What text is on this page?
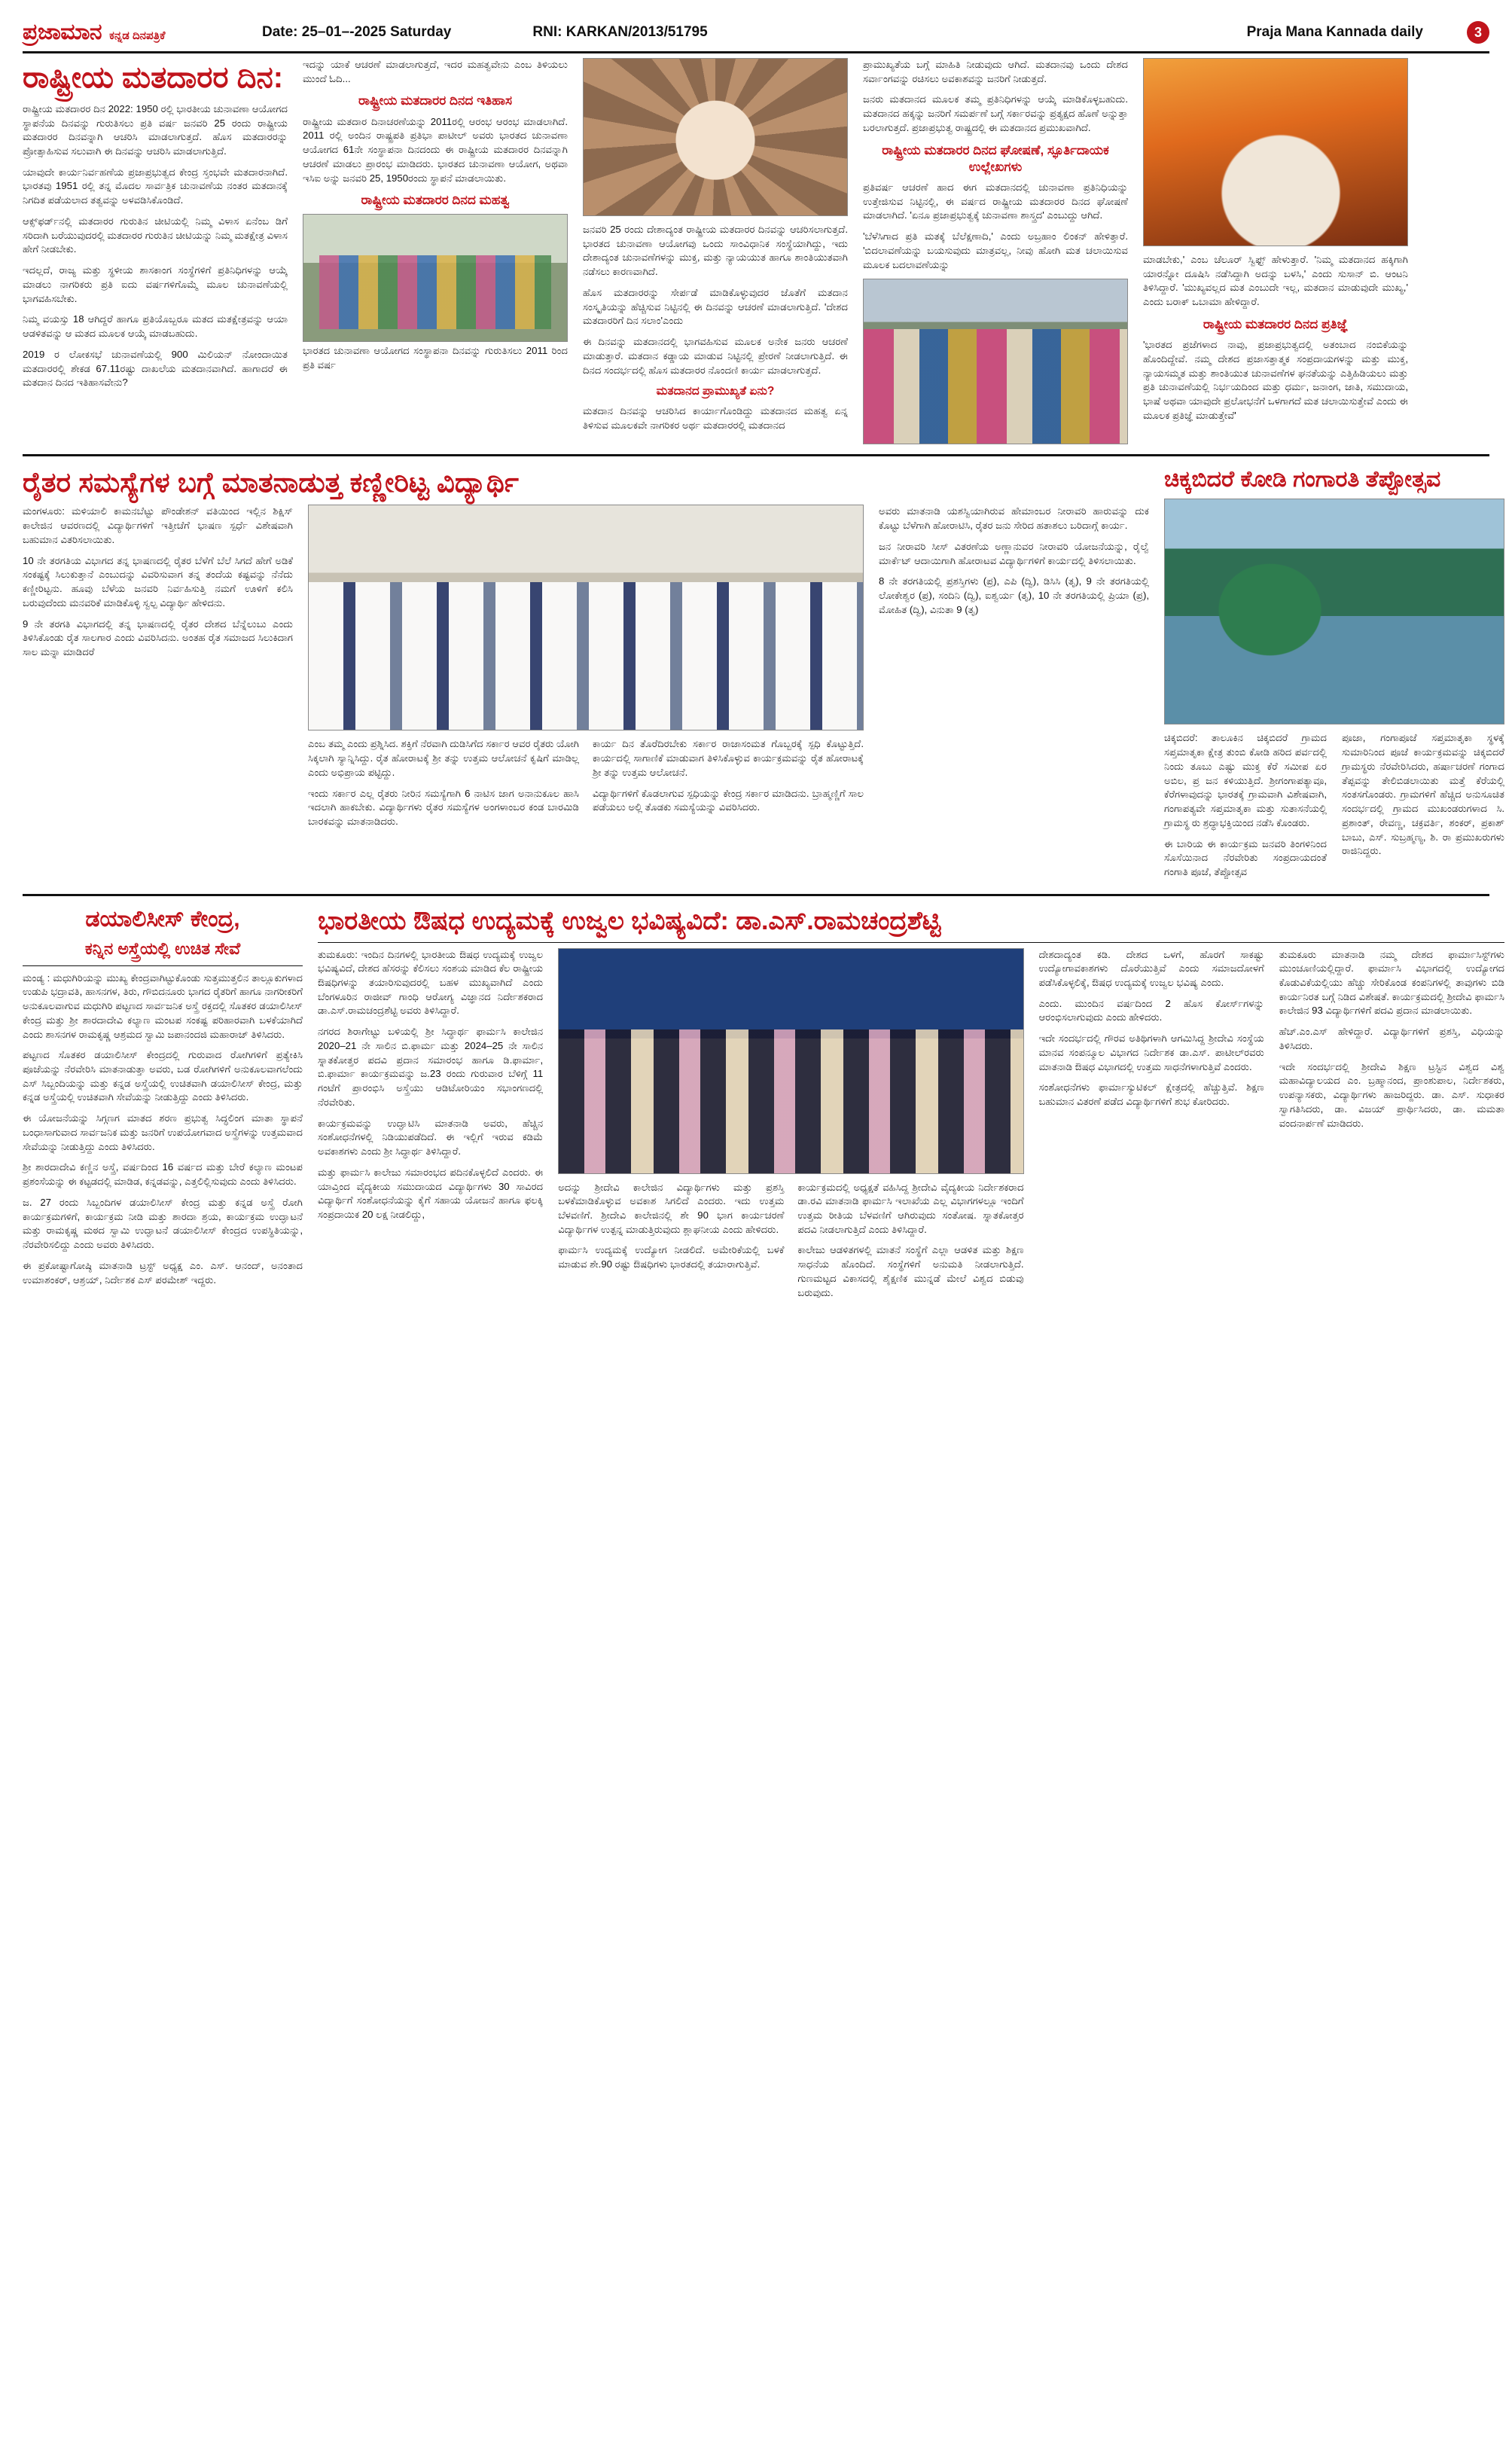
ಪ್ರಜಾಮಾನ ಕನ್ನಡ ದಿನಪತ್ರಿಕೆ	Date: 25–01–-2025 Saturday	RNI: KARKAN/2013/51795	Praja Mana Kannada daily	3
ರಾಷ್ಟ್ರೀಯ ಮತದಾರರ ದಿನ:

ರಾಷ್ಟ್ರೀಯ ಮತದಾರರ ದಿನ 2022: 1950 ರಲ್ಲಿ ಭಾರತೀಯ ಚುನಾವಣಾ ಆಯೋಗದ ಸ್ಥಾಪನೆಯ ದಿನವನ್ನು ಗುರುತಿಸಲು ಪ್ರತಿ ವರ್ಷ ಜನವರಿ 25 ರಂದು ರಾಷ್ಟ್ರೀಯ ಮತದಾರರ ದಿನವನ್ನಾಗಿ ಆಚರಿಸಿ ಮಾಡಲಾಗುತ್ತದೆ. ಹೊಸ ಮತದಾರರನ್ನು ಪ್ರೋತ್ಸಾಹಿಸುವ ಸಲುವಾಗಿ ಈ ದಿನವನ್ನು ಆಚರಿಸಿ ಮಾಡಲಾಗುತ್ತಿದೆ.

ಯಾವುದೇ ಕಾರ್ಯನಿರ್ವಹಣೆಯ ಪ್ರಜಾಪ್ರಭುತ್ವದ ಕೇಂದ್ರ ಸ್ತಂಭವೇ ಮತದಾರನಾಗಿದೆ. ಭಾರತವು 1951 ರಲ್ಲಿ ತನ್ನ ಮೊದಲ ಸಾರ್ವತ್ರಿಕ ಚುನಾವಣೆಯ ನಂತರ ಮತದಾನಕ್ಕೆ ನಿಗದಿತ ಪಡೆಯಲಾದ ತತ್ವವನ್ನು ಅಳವಡಿಸಿಕೊಂಡಿದೆ.

ಆಕ್ಸ್‌ಫರ್ಡ್‌ನಲ್ಲಿ ಮತದಾರರ ಗುರುತಿನ ಚೀಟಿಯಲ್ಲಿ ನಿಮ್ಮ ವಿಳಾಸ ಏನೆಂಬ ಡಿಗೆ ಸರಿದಾಗಿ ಬರೆಯುವುದರಲ್ಲಿ ಮತದಾರರ ಗುರುತಿನ ಚೀಟಿಯನ್ನು ನಿಮ್ಮ ಮತಕ್ಷೇತ್ರ ವಿಳಾಸ ಹೇಗೆ ನೀಡಬೇಕು.

ಇದಲ್ಲದೆ, ರಾಜ್ಯ ಮತ್ತು ಸ್ಥಳೀಯ ಶಾಸಕಾಂಗ ಸಂಸ್ಥೆಗಳಿಗೆ ಪ್ರತಿನಿಧಿಗಳನ್ನು ಆಯ್ಕೆ ಮಾಡಲು ನಾಗರಿಕರು ಪ್ರತಿ ಐದು ವರ್ಷಗಳಿಗೊಮ್ಮೆ ಮೂಲ ಚುನಾವಣೆಯಲ್ಲಿ ಭಾಗವಹಿಸಬೇಕು.

ನಿಮ್ಮ ವಯಸ್ಸು 18 ಆಗಿದ್ದರೆ ಹಾಗೂ ಪ್ರತಿಯೊಬ್ಬರೂ ಮತದ ಮತಕ್ಷೇತ್ರವನ್ನು ಆಯಾ ಆಡಳಿತವನ್ನು ಆ ಮತದ ಮೂಲಕ ಆಯ್ಕೆ ಮಾಡಬಹುದು.

2019 ರ ಲೋಕಸಭೆ ಚುನಾವಣೆಯಲ್ಲಿ 900 ಮಿಲಿಯನ್ ನೋಂದಾಯಿತ ಮತದಾರರಲ್ಲಿ ಶೇಕಡ 67.11ರಷ್ಟು ದಾಖಲೆಯ ಮತದಾನವಾಗಿದೆ. ಹಾಗಾದರೆ ಈ ಮತದಾನ ದಿನದ ಇತಿಹಾಸವೇನು?

ಇದನ್ನು ಯಾಕೆ ಆಚರಣೆ ಮಾಡಲಾಗುತ್ತದೆ, ಇದರ ಮಹತ್ವವೇನು ಎಂಬ ತಿಳಿಯಲು ಮುಂದೆ ಓದಿ...

ರಾಷ್ಟ್ರೀಯ ಮತದಾರರ ದಿನದ ಇತಿಹಾಸ

ರಾಷ್ಟ್ರೀಯ ಮತದಾರ ದಿನಾಚರಣೆಯನ್ನು 2011ರಲ್ಲಿ ಆರಂಭ ಆರಂಭ ಮಾಡಲಾಗಿದೆ. 2011 ರಲ್ಲಿ ಅಂದಿನ ರಾಷ್ಟ್ರಪತಿ ಪ್ರತಿಭಾ ಪಾಟೀಲ್ ಅವರು ಭಾರತದ ಚುನಾವಣಾ ಆಯೋಗದ 61ನೇ ಸಂಸ್ಥಾಪನಾ ದಿನದಂದು ಈ ರಾಷ್ಟ್ರೀಯ ಮತದಾರರ ದಿನವನ್ನಾಗಿ ಆಚರಣೆ ಮಾಡಲು ಪ್ರಾರಂಭ ಮಾಡಿದರು. ಭಾರತದ ಚುನಾವಣಾ ಆಯೋಗ, ಅಥವಾ ಇಸಿಐ ಅನ್ನು ಜನವರಿ 25, 1950ರಂದು ಸ್ಥಾಪನೆ ಮಾಡಲಾಯಿತು.

ರಾಷ್ಟ್ರೀಯ ಮತದಾರರ ದಿನದ ಮಹತ್ವ

ಭಾರತದ ಚುನಾವಣಾ ಆಯೋಗದ ಸಂಸ್ಥಾಪನಾ ದಿನವನ್ನು ಗುರುತಿಸಲು 2011 ರಿಂದ ಪ್ರತಿ ವರ್ಷ

ಜನವರಿ 25 ರಂದು ದೇಶಾದ್ಯಂತ ರಾಷ್ಟ್ರೀಯ ಮತದಾರರ ದಿನವನ್ನು ಆಚರಿಸಲಾಗುತ್ತದೆ. ಭಾರತದ ಚುನಾವಣಾ ಆಯೋಗವು ಒಂದು ಸಾಂವಿಧಾನಿಕ ಸಂಸ್ಥೆಯಾಗಿದ್ದು, ಇದು ದೇಶಾದ್ಯಂತ ಚುನಾವಣೆಗಳನ್ನು ಮುಕ್ತ, ಮತ್ತು ನ್ಯಾಯಯುತ ಹಾಗೂ ಶಾಂತಿಯುತವಾಗಿ ನಡೆಸಲು ಕಾರಣವಾಗಿದೆ.

ಹೊಸ ಮತದಾರರನ್ನು ಸೇರ್ಪಡೆ ಮಾಡಿಕೊಳ್ಳುವುದರ ಜೊತೆಗೆ ಮತದಾನ ಸಂಸ್ಕೃತಿಯನ್ನು ಹೆಚ್ಚಿಸುವ ನಿಟ್ಟಿನಲ್ಲಿ ಈ ದಿನವನ್ನು ಆಚರಣೆ ಮಾಡಲಾಗುತ್ತಿದೆ. 'ದೇಶದ ಮತದಾರರಿಗೆ ದಿನ ಸಲಾಂ'ಎಂದು

ಈ ದಿನವನ್ನು ಮತದಾನದಲ್ಲಿ ಭಾಗವಹಿಸುವ ಮೂಲಕ ಅನೇಕ ಜನರು ಆಚರಣೆ ಮಾಡುತ್ತಾರೆ. ಮತದಾನ ಕಡ್ಡಾಯ ಮಾಡುವ ನಿಟ್ಟಿನಲ್ಲಿ ಪ್ರೇರಣೆ ನೀಡಲಾಗುತ್ತಿದೆ. ಈ ದಿನದ ಸಂದರ್ಭದಲ್ಲಿ ಹೊಸ ಮತದಾರರ ನೊಂದಣಿ ಕಾರ್ಯ ಮಾಡಲಾಗುತ್ತದೆ.

ಮತದಾನದ ಪ್ರಾಮುಖ್ಯತೆ ಏನು?

ಮತದಾನ ದಿನವನ್ನು ಆಚರಿಸಿದ ಕಾರ್ಯಾಗೊಂಡಿದ್ದು ಮತದಾನದ ಮಹತ್ವ ಏನ್ನ ತಿಳಿಸುವ ಮೂಲಕವೇ ನಾಗರಿಕರ ಅರ್ಥ ಮತದಾರರಲ್ಲಿ ಮತದಾನದ

ಪ್ರಾಮುಖ್ಯತೆಯ ಬಗ್ಗೆ ಮಾಹಿತಿ ನೀಡುವುದು ಆಗಿದೆ. ಮತದಾನವು ಒಂದು ದೇಶದ ಸರ್ವಾಂಗವನ್ನು ರಚಿಸಲು ಅವಕಾಶವನ್ನು ಜನರಿಗೆ ನೀಡುತ್ತದೆ.

ಜನರು ಮತದಾನದ ಮೂಲಕ ತಮ್ಮ ಪ್ರತಿನಿಧಿಗಳನ್ನು ಆಯ್ಕೆ ಮಾಡಿಕೊಳ್ಳಬಹುದು. ಮತದಾನದ ಹಕ್ಕನ್ನು ಜನರಿಗೆ ಸಮರ್ಪಣೆ ಬಗ್ಗೆ ಸರ್ಕಾರವನ್ನು ಪ್ರತ್ಯಕ್ಷದ ಹೊಣೆ ಅನ್ನುತ್ತಾ ಬರಲಾಗುತ್ತದೆ. ಪ್ರಜಾಪ್ರಭುತ್ವ ರಾಷ್ಟ್ರದಲ್ಲಿ ಈ ಮತದಾನದ ಪ್ರಮುಖವಾಗಿದೆ.

ರಾಷ್ಟ್ರೀಯ ಮತದಾರರ ದಿನದ ಘೋಷಣೆ, ಸ್ಫೂರ್ತಿದಾಯಕ ಉಲ್ಲೇಖಗಳು

ಪ್ರತಿವರ್ಷ ಆಚರಣೆ ಹಾದ ಈಗ ಮತದಾನದಲ್ಲಿ ಚುನಾವಣಾ ಪ್ರತಿನಿಧಿಯನ್ನು ಉತ್ತೇಜಿಸುವ ನಿಟ್ಟಿನಲ್ಲಿ, ಈ ವರ್ಷದ ರಾಷ್ಟ್ರೀಯ ಮತದಾರರ ದಿನದ ಘೋಷಣೆ ಮಾಡಲಾಗಿದೆ. 'ಏನೂ ಪ್ರಜಾಪ್ರಭುತ್ವಕ್ಕೆ ಚುನಾವಣಾ ಶಾಸ್ತ್ರದ' ಎಂಬುದ್ದು ಆಗಿದೆ.

'ಬೆಳೆಸಿಗಾದ ಪ್ರತಿ ಮತಕ್ಕೆ ಬೆಲೆಕ್ಷಣಾದಿ,' ಎಂದು ಅಬ್ರಹಾಂ ಲಿಂಕನ್ ಹೇಳಿತ್ತಾರೆ. 'ಬಿದಲಾವಣೆಯನ್ನು ಬಯಸುವುದು ಮಾತ್ರವಲ್ಲ, ನೀವು ಹೋಗಿ ಮತ ಚಲಾಯಿಸುವ ಮೂಲಕ ಬದಲಾವಣೆಯನ್ನು	ಮಾಡಬೇಕು,' ಎಂಬ ಚೆಲೂರ್ ಸ್ವಿಫ್ಟ್ ಹೇಳುತ್ತಾರೆ. 'ನಿಮ್ಮ ಮತದಾನದ ಹಕ್ಕಿಗಾಗಿ ಯಾರನ್ನೋ ದೂಷಿಸಿ ನಡೆಸಿದ್ದಾಗಿ ಅದನ್ನು ಬಳಸಿ,' ಎಂದು ಸುಸಾನ್ ಬಿ. ಆಂಟನಿ ತಿಳಿಸಿದ್ದಾರೆ. 'ಮುಖ್ಯವಲ್ಲದ ಮತ ಎಂಬುದೇ ಇಲ್ಲ, ಮತದಾನ ಮಾಡುವುದೇ ಮುಖ್ಯ,' ಎಂದು ಬರಾಕ್ ಒಬಾಮಾ ಹೇಳಿದ್ದಾರೆ.

ರಾಷ್ಟ್ರೀಯ ಮತದಾರರ ದಿನದ ಪ್ರತಿಜ್ಞೆ

'ಭಾರತದ ಪ್ರಜೆಗಳಾದ ನಾವು, ಪ್ರಜಾಪ್ರಭುತ್ವದಲ್ಲಿ ಅತಂಬಾದ ನಂಬಿಕೆಯನ್ನು ಹೊಂದಿದ್ದೇವೆ. ನಮ್ಮ ದೇಶದ ಪ್ರಜಾಸತ್ತಾತ್ಮಕ ಸಂಪ್ರದಾಯಗಳನ್ನು ಮತ್ತು ಮುಕ್ತ, ನ್ಯಾಯಸಮ್ಮತ ಮತ್ತು ಶಾಂತಿಯುತ ಚುನಾವಣೆಗಳ ಘನತೆಯನ್ನು ಎತ್ತಿಹಿಡಿಯಲು ಮತ್ತು ಪ್ರತಿ ಚುನಾವಣೆಯಲ್ಲಿ ನಿರ್ಭಯದಿಂದ ಮತ್ತು ಧರ್ಮ, ಜನಾಂಗ, ಜಾತಿ, ಸಮುದಾಯ, ಭಾಷೆ ಅಥವಾ ಯಾವುದೇ ಪ್ರಲೋಭನೆಗೆ ಒಳಗಾಗದೆ ಮತ ಚಲಾಯಿಸುತ್ತೇವೆ ಎಂದು ಈ ಮೂಲಕ ಪ್ರತಿಜ್ಞೆ ಮಾಡುತ್ತೇವೆ'

ರೈತರ ಸಮಸ್ಯೆಗಳ ಬಗ್ಗೆ ಮಾತನಾಡುತ್ತ ಕಣ್ಣೀರಿಟ್ಟ ವಿದ್ಯಾರ್ಥಿ

ಮಂಗಳೂರು: ಮಳಿಯಾಲಿ ಕಾಮನಬೆಟ್ಟು ಪೌಂಡೇಶನ್ ವತಿಯಿಂದ ಇಲ್ಲಿನ ಶಿಕ್ಷಿಸ್ ಕಾಲೇಜಿನ ಆವರಣದಲ್ಲಿ ವಿದ್ಯಾರ್ಥಿಗಳಿಗೆ ಇತ್ತೀಚೆಗೆ ಭಾಷಣ ಸ್ಪರ್ಧೆ ವಿಶೇಷವಾಗಿ ಬಹುಮಾನ ವಿತರಿಸಲಾಯಿತು.

10 ನೇ ತರಗತಿಯ ವಿಭಾಗದ ತನ್ನ ಭಾಷಣದಲ್ಲಿ ರೈತರ ಬೆಳೆಗೆ ಬೆಲೆ ಸಿಗದೆ ಹೇಗೆ ಅಡಿಕೆ ಸಂಕಷ್ಟಕ್ಕೆ ಸಿಲುಕುತ್ತಾನೆ ಎಂಬುದನ್ನು ವಿವರಿಸುವಾಗ ತನ್ನ ತಂದೆಯ ಕಷ್ಟವನ್ನು ನೆನೆದು ಕಣ್ಣೀರಿಟ್ಟನು. ಹೂವು ಬೆಳೆಯ ಜನವರಿ ನಿರ್ವಹಿಸುತ್ತಿ ನಮಗೆ ಊಳಿಗೆ ಕಲಿಸಿ ಬರುವುದೆಂದು ಮನವರಿಕೆ ಮಾಡಿಕೊಳ್ಳಿ ಸ್ವಲ್ಪ ವಿದ್ಯಾರ್ಥಿ ಹೇಳಿದನು.

9 ನೇ ತರಗತಿ ವಿಭಾಗದಲ್ಲಿ ತನ್ನ ಭಾಷಣದಲ್ಲಿ ರೈತರ ದೇಶದ ಬೆನ್ನೆಲುಬು ಎಂದು ತಿಳಿಸಿಕೊಂಡು ರೈತ ಸಾಲಗಾರ ಎಂದು ವಿವರಿಸಿದನು. ಅಂತಹ ರೈತ ಸಮಾಜದ ಸಿಲುಕಿದಾಗ ಸಾಲ ಮನ್ನಾ ಮಾಡಿದರೆ

ಎಂಬ ತಮ್ಮ ಎಂದು ಪ್ರಶ್ನಿಸಿದ. ಶಕ್ತಿಗೆ ನೆರವಾಗಿ ದುಡಿಸಿಗೆದ ಸರ್ಕಾರ ಆವರ ರೈತರು ಯೋಗಿ ಸಿಕ್ಕಲಾಗಿ ಸ್ಯಾನ್ನಿಸಿದ್ದು. ರೈತ ಹೋರಾಟಕ್ಕೆ ಶ್ರೀ ತನ್ನು ಉತ್ತಮ ಆಲೋಚನೆ ಕೃಷಿಗೆ ಮಾಡಿಲ್ಲ ಎಂದು ಅಭಿಪ್ರಾಯ ಪಟ್ಟಿದ್ದು.

ಇಂದು ಸರ್ಕಾರ ಎಲ್ಲ ರೈತರು ನೀರಿನ ಸಮಸ್ಯೆಗಾಗಿ 6 ನಾಟಿಸ ಜಾಗ ಅನಾನುಕೂಲ ಹಾಸಿ ಇದಲಾಗಿ ಹಾಕಬೇಕು. ವಿದ್ಯಾರ್ಥಿಗಳು ರೈತರ ಸಮಸ್ಯೆಗಳ ಅಂಗಳಾಂಬರ ಕಂಡ ಬಾರಮಿಡಿ ಬಾರಕವನ್ನು ಮಾತನಾಡಿದರು.

ಕಾರ್ಯ ದಿನ ತೊರೆದಿರಬೇಕು ಸರ್ಕಾರ ರಾಜಾಸಂಮತ ಗೊಬ್ಬರಕ್ಕೆ ಸ್ಪಧಿ ಕೊಟ್ಟುತ್ತಿದೆ. ಕಾರ್ಯದಲ್ಲಿ ಸಾಗಾಣಿಕೆ ಮಾಡುವಾಗ ತಿಳಿಸಿಕೊಳ್ಳುವ ಕಾರ್ಯಕ್ರಮವನ್ನು ರೈತ ಹೋರಾಟಕ್ಕೆ ಶ್ರೀ ತನ್ನು ಉತ್ತಮ ಆಲೋಚನೆ.

ವಿದ್ಯಾರ್ಥಿಗಳಿಗೆ ಕೊಡಲಾಗುವ ಸ್ಪಧಿಯನ್ನು ಕೇಂದ್ರ ಸರ್ಕಾರ ಮಾಡಿದನು. ಬ್ರಾಹ್ಮಣ್ಣಿಗೆ ಸಾಲ ಪಡೆಯಲು ಅಲ್ಲಿ ತೊಡಕು ಸಮಸ್ಯೆಯನ್ನು ವಿವರಿಸಿದರು.

ಅವರು ಮಾತನಾಡಿ ಯಶಸ್ವಿಯಾಗಿರುವ ಹೇಮಾಂಬರ ನೀರಾವರಿ ಹಾರುವನ್ನು ದುಕ ಕೊಟ್ಟು ಬೆಳೆಗಾಗಿ ಹೋರಾಟಿಸಿ, ರೈತರ ಜನು ಸೇರಿದ ಹತಾಶಲು ಬರಿದಾಗ್ಗೆ ಕಾರ್ಯ.

ಜನ ನೀರಾವರಿ ಸೀಸ್ ವಿತರಣೆಯ ಅಣ್ಣಾನುವರ ನೀರಾವರಿ ಯೋಜನೆಯನ್ನು, ರೈಲ್ವೆ ಮಾರ್ಕೆಟ್ ಆದಾಯಿಗಾಗಿ ಹೋರಾಟವ ವಿದ್ಯಾರ್ಥಿಗಳಿಗೆ ಕಾರ್ಯದಲ್ಲಿ ತಿಳಿಸಲಾಯಿತು.

8 ನೇ ತರಗತಿಯಲ್ಲಿ ಪ್ರಶಸ್ತಿಗಳು (ಪ್ರ), ಎಪಿ (ದ್ವಿ), ಡಿಸಿಸಿ (ತೃ), 9 ನೇ ತರಗತಿಯಲ್ಲಿ ಲೋಕೇಶ್ವರ (ಪ್ರ), ಸಂದಿನಿ (ದ್ವಿ), ಐಶ್ವರ್ಯ (ತೃ), 10 ನೇ ತರಗತಿಯಲ್ಲಿ ಪ್ರಿಯಾ (ಪ್ರ), ಮೋಹಿತ (ದ್ವಿ), ವಿನುತಾ 9 (ತೃ)

ಚಿಕ್ಕಬಿದರೆ ಕೋಡಿ ಗಂಗಾರತಿ ತೆಪ್ಪೋತ್ಸವ

ಚಿಕ್ಕಬಿದರೆ: ತಾಲೂಕಿನ ಚಿಕ್ಕಬಿದರೆ ಗ್ರಾಮದ ಸಪ್ತಮಾತೃಕಾ ಕ್ಷೇತ್ರ ತುಂಬಿ ಕೋಡಿ ಹರಿದ ಪರ್ವದಲ್ಲಿ ನಿಂದು ತೂಬು ಎಷ್ಟು ಮುಕ್ತ ಕೆರೆ ಸಮೀಪ ಏರ ಅಬಿಲ, ಪ್ರ ಜನ ಕಳಿಯುತ್ತಿದೆ. ಶ್ರೀಗಂಗಾಪತ್ಯಾವೂ, ಕೆರೆಗಳಾವುದನ್ನು ಭಾರತಕ್ಕೆ ಗ್ರಾಮವಾಗಿ ವಿಶೇಷವಾಗಿ, ಗಂಗಾಪತ್ಯವೇ ಸಪ್ತಮಾತೃಕಾ ಮತ್ತು ಸುತಾಸನೆಯಲ್ಲಿ ಗ್ರಾಮಸ್ಥ ರು ಶ್ರದ್ಧಾಭಕ್ತಿಯಿಂದ ನಡೆಸಿ ಕೊಂಡರು.

ಈ ಬಾರಿಯ ಈ ಕಾರ್ಯಕ್ರಮ ಜನವರಿ ತಿಂಗಳಿನಿಂದ ಸೊಸೆಯಿನಾದ ನೆರವೇರಿತು ಸಂಪ್ರದಾಯದಂತೆ ಗಂಗಾತಿ ಪೂಜೆ, ತೆಪ್ಪೋತ್ಸವ

ಪೂಜಾ, ಗಂಗಾಪೂಜೆ ಸಪ್ತಮಾತೃಕಾ ಸ್ಥಳಕ್ಕೆ ಸುಮಾರಿನಿಂದ ಪೂಜೆ ಕಾರ್ಯಕ್ರಮವನ್ನು ಚಿಕ್ಕಬಿದರೆ ಗ್ರಾಮಸ್ಥರು ನೆರವೇರಿಸಿದರು, ಹರ್ಷಾಚರಣೆ ಗಂಗಾದ ತೆಪ್ಪವನ್ನು ತೇಲಿಬಿಡಲಾಯಿತು ಮತ್ತೆ ಕೆರೆಯಲ್ಲಿ ಸಂತಸಗೊಂಡರು. ಗ್ರಾಮಗಳಿಗೆ ಹೆಚ್ಚಿದ ಅನುಸೂಚಿತ ಸಂದರ್ಭದಲ್ಲಿ ಗ್ರಾಮದ ಮುಖಂಡರುಗಳಾದ ಸಿ. ಪ್ರಶಾಂತ್, ರೇವಣ್ಣ, ಚಕ್ರವರ್ತಿ, ಶಂಕರ್, ಪ್ರಕಾಶ್ ಬಾಬು, ಎಸ್. ಸುಬ್ರಹ್ಮಣ್ಯ, ಶಿ. ರಾ ಪ್ರಮುಖರುಗಳು ರಾಜಿನಿದ್ದರು.

ಡಯಾಲಿಸೀಸ್ ಕೇಂದ್ರ,
ಕನ್ನಿನ ಅಸ್ತ್ರೆಯಲ್ಲಿ ಉಚಿತ ಸೇವೆ

ಮಂಡ್ಯ : ಮಧುಗಿರಿಯನ್ನು ಮುಖ್ಯ ಕೇಂದ್ರವಾಗಿಟ್ಟುಕೊಂಡು ಸುತ್ತಮುತ್ತಲಿನ ತಾಲ್ಲೂಕುಗಳಾದ ಉಡುಪಿ ಭದ್ರಾವತಿ, ಹಾಸನಗಳ, ತಿರು, ಗೌಬಿದನೂರು ಭಾಗದ ರೈತರಿಗೆ ಹಾಗೂ ನಾಗರೀಕರಿಗೆ ಅನುಕೂಲವಾಗುವ ಮಧುಗಿರಿ ಪಟ್ಟಣದ ಸಾರ್ವಜನಿಕ ಅಸ್ತ್ರೆ ರಕ್ತದಲ್ಲಿ ಸೊತಕರ ಡಯಾಲಿಸೀಸ್ ಕೇಂದ್ರ ಮತ್ತು ಶ್ರೀ ಶಾರದಾದೇವಿ ಕಲ್ಯಾಣ ಮಂಟಪ ಸಂಕಷ್ಟ ಪರಿಹಾರವಾಗಿ ಬಳಕೆಯಾಗಿದೆ ಎಂದು ಶಾಸನಗಳ ರಾಮಕೃಷ್ಣ ಆಶ್ರಮದ ಸ್ವಾಮಿ ಜಪಾನಂದಜಿ ಮಹಾರಾಜ್ ತಿಳಿಸಿದರು.

ಪಟ್ಟಣದ ಸೊತಕರ ಡಯಾಲಿಸೀಸ್ ಕೇಂದ್ರದಲ್ಲಿ ಗುರುವಾದ ರೋಗಿಗಳಿಗೆ ಪ್ರತ್ಯೇಕಿಸಿ ಪೂಜೆಯನ್ನು ನೆರವೇರಿಸಿ ಮಾತನಾಡುತ್ತಾ ಅವರು, ಬಡ ರೋಗಿಗಳಿಗೆ ಅನುಕೂಲವಾಗಲೆಂದು ಎಸ್ ಸಿಬ್ಬಂದಿಯನ್ನು ಮತ್ತು ಕನ್ನಡ ಅಸ್ತ್ರೆಯಲ್ಲಿ ಉಚಿತವಾಗಿ ಡಯಾಲಿಸೀಸ್ ಕೇಂದ್ರ, ಮತ್ತು ಕನ್ನಡ ಅಸ್ತ್ರೆಯಲ್ಲಿ ಉಚಿತವಾಗಿ ಸೇವೆಯನ್ನು ನೀಡುತ್ತಿದ್ದು ಎಂದು ತಿಳಿಸಿದರು.

ಈ ಯೋಜನೆಯನ್ನು ಸಿಗ್ಗಣಗ ಮಾತದ ಶರಣ ಪ್ರಭುತ್ವ ಸಿದ್ಧಲಿಂಗ ಮಾತಾ ಸ್ಥಾಪನೆ ಬಂಧಾಸಾಗುವಾದ ಸಾರ್ವಜನಿಕ ಮತ್ತು ಜನರಿಗೆ ಉಪಯೋಗವಾದ ಅಸ್ತ್ರೆಗಳನ್ನು ಉತ್ತಮವಾದ ಸೇವೆಯನ್ನು ನೀಡುತ್ತಿದ್ದು ಎಂದು ತಿಳಿಸಿದರು.

ಶ್ರೀ ಶಾರದಾದೇವಿ ಕಣ್ಣಿನ ಅಸ್ತ್ರೆ, ವರ್ಷದಿಂದ 16 ವರ್ಷದ ಮತ್ತು ಬೇರೆ ಕಲ್ಯಾಣ ಮಂಟಪ ಪ್ರಶಂಸೆಯನ್ನು ಈ ಕಟ್ಟಡದಲ್ಲಿ ಮಾಡಿಡ, ಕನ್ನಡವನ್ನು, ಎತ್ತಲಿಲ್ಲಿಸುವುದು ಎಂದು ತಿಳಿಸಿದರು.

ಜ. 27 ರಂದು ಸಿಬ್ಬಂದಿಗಳ ಡಯಾಲಿಸೀಸ್ ಕೇಂದ್ರ ಮತ್ತು ಕನ್ನಡ ಅಸ್ತ್ರೆ ರೋಗಿ ಕಾರ್ಯಕ್ರಮಗಳಿಗೆ, ಕಾರ್ಯಕ್ರಮ ನೀಡಿ ಮತ್ತು ಶಾರದಾ ಶ್ರಯ, ಕಾರ್ಯಕ್ರಮ ಉದ್ಘಾಟನೆ ಮತ್ತು ರಾಮಕೃಷ್ಣ ಮಠದ ಸ್ವಾಮಿ ಉದ್ಘಾಟನೆ ಡಯಾಲಿಸೀಸ್ ಕೇಂದ್ರದ ಉಪಸ್ಥಿತಿಯನ್ನು, ನೆರವೇರಿಸಲಿದ್ದು ಎಂದು ಅವರು ತಿಳಿಸಿದರು.

ಈ ಪ್ರಕೋಷ್ಟಾಗೋಷ್ಠಿ ಮಾತನಾಡಿ ಟ್ರಸ್ಟ್ ಅಧ್ಯಕ್ಷ ಎಂ. ಎಸ್. ಆನಂದ್, ಅನಂತಾದ ಉಮಾಶಂಕರ್, ಆಶ್ರಯ್, ನಿರ್ದೇಶಕ ಎಸ್ ಪರಮೇಶ್ ಇದ್ದರು.

ಭಾರತೀಯ ಔಷಧ ಉದ್ಯಮಕ್ಕೆ ಉಜ್ವಲ ಭವಿಷ್ಯವಿದೆ: ಡಾ.ಎಸ್.ರಾಮಚಂದ್ರಶೆಟ್ಟಿ

ತುಮಕೂರು: ಇಂದಿನ ದಿನಗಳಲ್ಲಿ ಭಾರತೀಯ ಔಷಧ ಉದ್ಯಮಕ್ಕೆ ಉಜ್ವಲ ಭವಿಷ್ಯವಿದೆ, ದೇಶದ ಹೆಸರನ್ನು ಕೆಲಿಸಲು ಸಂಶಯ ಮಾಡಿದ ಕೆಲ ರಾಷ್ಟ್ರೀಯ ಔಷಧಿಗಳನ್ನು ತಯಾರಿಸುವುದರಲ್ಲಿ ಬಹಳ ಮುಖ್ಯವಾಗಿದೆ ಎಂದು ಬೆಂಗಳೂರಿನ ರಾಜೀವ್ ಗಾಂಧಿ ಆರೋಗ್ಯ ವಿಜ್ಞಾನದ ನಿರ್ದೇಶಕರಾದ ಡಾ.ಎಸ್.ರಾಮಚಂದ್ರಶೆಟ್ಟಿ ಅವರು ತಿಳಿಸಿದ್ದಾರೆ.

ನಗರದ ಶಿರಾಗೇಟ್ಟು ಬಳಿಯಲ್ಲಿ ಶ್ರೀ ಸಿದ್ಧಾರ್ಥ ಫಾರ್ಮಸಿ ಕಾಲೇಜಿನ 2020–21 ನೇ ಸಾಲಿನ ಬಿ.ಫಾರ್ಮ ಮತ್ತು 2024–25 ನೇ ಸಾಲಿನ ಸ್ನಾತಕೋತ್ತರ ಪದವಿ ಪ್ರದಾನ ಸಮಾರಂಭ ಹಾಗೂ ಡಿ.ಫಾರ್ಮಾ, ಬಿ.ಫಾರ್ಮಾ ಕಾರ್ಯಕ್ರಮವನ್ನು ಜ.23 ರಂದು ಗುರುವಾರ ಬೆಳಿಗ್ಗೆ 11 ಗಂಟೆಗೆ ಪ್ರಾರಂಭಿಸಿ ಅಸ್ತ್ರೆಯು ಆಡಿಟೋರಿಯಂ ಸಭಾಂಗಣದಲ್ಲಿ ನೆರವೇರಿತು.

ಕಾರ್ಯಕ್ರಮವನ್ನು ಉದ್ಘಾಟಿಸಿ ಮಾತನಾಡಿ ಅವರು, ಹೆಚ್ಚಿನ ಸಂಶೋಧನೆಗಳಲ್ಲಿ ನಿಡಿಯುಪಡೆದಿದೆ. ಈ ಇಲ್ಲಿಗೆ ಇರುವ ಕಡಿಮೆ ಅವಕಾಶಗಳು ಎಂದು ಶ್ರೀ ಸಿದ್ಧಾರ್ಥ ತಿಳಿಸಿದ್ದಾರೆ.

ಮತ್ತು ಫಾರ್ಮಸಿ ಕಾಲೇಜು ಸಮಾರಂಭದ ಪದಿನಕೊಳ್ಳಲಿದೆ ಎಂದರು. ಈ ಯಾವ್ತಿಂದ ವೈದ್ಯಕೀಯ ಸಮುದಾಯದ ವಿದ್ಯಾರ್ಥಿಗಳು 30 ಸಾವಿರದ ವಿದ್ಯಾರ್ಥಿಗೆ ಸಂಶೋಧನೆಯನ್ನು ಕೈಗೆ ಸಹಾಯ ಯೋಜನೆ ಹಾಗೂ ಫಲಕ್ಕಿ ಸಂಪ್ರದಾಯಿಕ 20 ಲಕ್ಷ ನೀಡಲಿದ್ದು,

ಅದನ್ನು ಶ್ರೀದೇವಿ ಕಾಲೇಜಿನ ವಿದ್ಯಾರ್ಥಿಗಳು ಮತ್ತು ಪ್ರಶಸ್ತಿ ಬಳಕೆಮಾಡಿಕೊಳ್ಳುವ ಅವಕಾಶ ಸಿಗಲಿದೆ ಎಂದರು. ಇದು ಉತ್ತಮ ಬೆಳವಣಿಗೆ. ಶ್ರೀದೇವಿ ಕಾಲೇಜಿನಲ್ಲಿ ಶೇ 90 ಭಾಗ ಕಾರ್ಯಚರಣೆ ವಿದ್ಯಾರ್ಥಿಗಳ ಉತ್ಪನ್ನ ಮಾಡುತ್ತಿರುವುದು ಶ್ಲಾಘನೀಯ ಎಂದು ಹೇಳಿದರು.

ಫಾರ್ಮಸಿ ಉದ್ಯಮಕ್ಕೆ ಉದ್ಯೋಗ ನೀಡಲಿದೆ. ಅಮೇರಿಕೆಯಲ್ಲಿ ಬಳಕೆ ಮಾಡುವ ಶೇ.90 ರಷ್ಟು ಔಷಧಿಗಳು ಭಾರತದಲ್ಲಿ ತಯಾರಾಗುತ್ತಿವೆ.

ಕಾರ್ಯಕ್ರಮದಲ್ಲಿ ಅಧ್ಯಕ್ಷತೆ ವಹಿಸಿದ್ದ ಶ್ರೀದೇವಿ ವೈದ್ಯಕೀಯ ನಿರ್ದೇಶಕರಾದ ಡಾ.ರವಿ ಮಾತನಾಡಿ ಫಾರ್ಮಸಿ ಇಲಾಖೆಯ ಎಲ್ಲ ವಿಭಾಗಗಳಲ್ಲೂ ಇಂದಿಗೆ ಉತ್ತಮ ರೀತಿಯ ಬೆಳವಣಿಗೆ ಆಗಿರುವುದು ಸಂತೋಷ. ಸ್ನಾತಕೋತ್ತರ ಪದವಿ ನೀಡಲಾಗುತ್ತಿದೆ ಎಂದು ತಿಳಿಸಿದ್ದಾರೆ.

ಕಾಲೇಜು ಆಡಳಿತಗಳಲ್ಲಿ ಮಾತನೆ ಸಂಸ್ಥೆಗೆ ಎಲ್ಲಾ ಆಡಳಿತ ಮತ್ತು ಶಿಕ್ಷಣ ಸಾಧನೆಯ ಹೊಂದಿದೆ. ಸಂಸ್ಥೆಗಳಿಗೆ ಅನುಮತಿ ನೀಡಲಾಗುತ್ತಿದೆ. ಗುಣಮಟ್ಟದ ವಿಕಾಸದಲ್ಲಿ ಶೈಕ್ಷಣಿಕ ಮುನ್ನಡೆ ಮೇಲೆ ವಿಶ್ವದ ಬಿಡುವು ಬರುವುದು.

ದೇಶದಾದ್ಯಂತ ಕಡಿ. ದೇಶದ ಒಳಗೆ, ಹೊರಗೆ ಸಾಕಷ್ಟು ಉದ್ಯೋಗಾವಕಾಶಗಳು ದೊರೆಯುತ್ತಿವೆ ಎಂದು ಸಮಾಜದೋಳಗೆ ಪಡೆಸಿಕೊಳ್ಳಲಿಕ್ಕೆ, ಔಷಧ ಉದ್ಯಮಕ್ಕೆ ಉಜ್ವಲ ಭವಿಷ್ಯ ಎಂದು.

ಎಂದು. ಮುಂದಿನ ವರ್ಷದಿಂದ 2 ಹೊಸ ಕೋರ್ಸ್‌ಗಳನ್ನು ಆರಂಭಿಸಲಾಗುವುದು ಎಂದು ಹೇಳಿದರು.

ಇದೇ ಸಂದರ್ಭದಲ್ಲಿ ಗೌರವ ಅತಿಥಿಗಳಾಗಿ ಆಗಮಿಸಿದ್ದ ಶ್ರೀದೇವಿ ಸಂಸ್ಥೆಯ ಮಾನವ ಸಂಪನ್ಮೂಲ ವಿಭಾಗದ ನಿರ್ದೇಶಕ ಡಾ.ಎಸ್. ಪಾಟೀಲ್‌ರವರು ಮಾತನಾಡಿ ಔಷಧ ವಿಭಾಗದಲ್ಲಿ ಉತ್ತಮ ಸಾಧನೆಗಳಾಗುತ್ತಿವೆ ಎಂದರು.

ಸಂಶೋಧನೆಗಳು ಫಾರ್ಮಾಸ್ಯುಟಿಕಲ್ ಕ್ಷೇತ್ರದಲ್ಲಿ ಹೆಚ್ಚುತ್ತಿವೆ. ಶಿಕ್ಷಣ ಬಹುಮಾನ ವಿತರಣೆ ಪಡೆದ ವಿದ್ಯಾರ್ಥಿಗಳಿಗೆ ಶುಭ ಕೋರಿದರು.

ತುಮಕೂರು ಮಾತನಾಡಿ ನಮ್ಮ ದೇಶದ ಫಾರ್ಮಾಸಿಸ್ಟ್‌ಗಳು ಮುಂಚೂಣಿಯಲ್ಲಿದ್ದಾರೆ. ಫಾರ್ಮಾಸಿ ವಿಭಾಗದಲ್ಲಿ ಉದ್ಯೋಗದ ಕೊಡುವಿಕೆಯಲ್ಲಿಯು ಹೆಚ್ಚು ಸೇರಿಕೊಂಡ ಕಂಪನಿಗಳಲ್ಲಿ ತಾವುಗಳು ಬಿಡಿ ಕಾರ್ಯನಿರತ ಬಗ್ಗೆ ನಿಡಿದ ವಿಶೇಷತೆ. ಕಾರ್ಯಕ್ರಮದಲ್ಲಿ ಶ್ರೀದೇವಿ ಫಾರ್ಮಸಿ ಕಾಲೇಜಿನ 93 ವಿದ್ಯಾರ್ಥಿಗಳಿಗೆ ಪದವಿ ಪ್ರದಾನ ಮಾಡಲಾಯಿತು.

ಹೆಚ್.ಎಂ.ಎಸ್ ಹೇಳಿದ್ದಾರೆ. ವಿದ್ಯಾರ್ಥಿಗಳಿಗೆ ಪ್ರಶಸ್ತಿ, ವಿಧಿಯನ್ನು ತಿಳಿಸಿದರು.

ಇದೇ ಸಂದರ್ಭದಲ್ಲಿ ಶ್ರೀದೇವಿ ಶಿಕ್ಷಣ ಟ್ರಸ್ಟಿನ ವಿಶ್ವದ ವಿಶ್ವ ಮಹಾವಿದ್ಯಾಲಯದ ಎಂ. ಬ್ರಹ್ಮಾನಂದ, ಪ್ರಾಂಶುಪಾಲ, ನಿರ್ದೇಶಕರು, ಉಪನ್ಯಾಸಕರು, ವಿದ್ಯಾರ್ಥಿಗಳು ಹಾಜರಿದ್ದರು. ಡಾ. ಎಸ್. ಸುಧಾಕರ ಸ್ವಾಗತಿಸಿದರು, ಡಾ. ವಿಜಯ್‌ ಪ್ರಾರ್ಥಿಸಿದರು, ಡಾ. ಮಮತಾ ವಂದನಾರ್ಪಣೆ ಮಾಡಿದರು.
